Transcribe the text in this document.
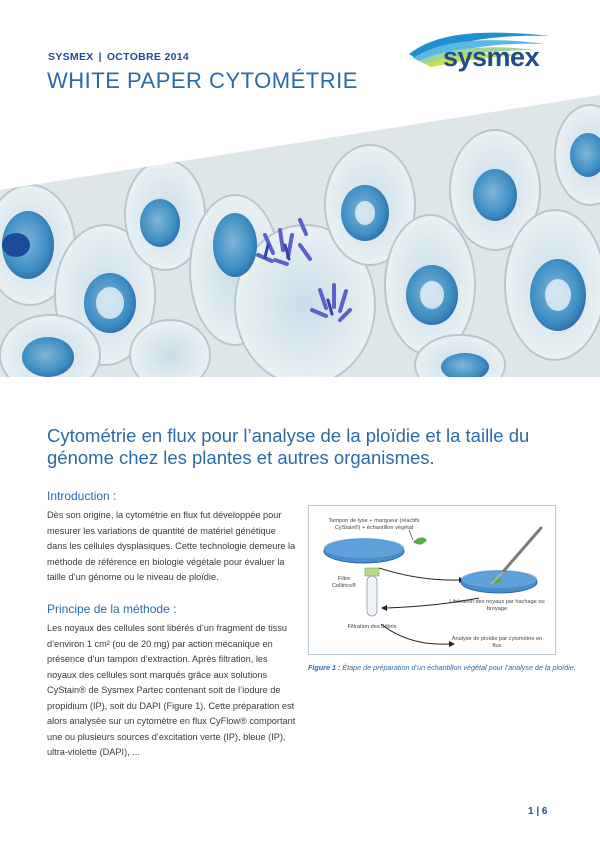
SYSMEX | OCTOBRE 2014
WHITE PAPER CYTOMÉTRIE
sysmex
Cytométrie en flux pour l’analyse de la ploïdie et la taille du génome chez les plantes et autres organismes.
Introduction :

Dès son origine, la cytométrie en flux fut développée pour mesurer les variations de quantité de matériel génétique dans les cellules dysplasiques. Cette technologie demeure la méthode de référence en biologie végétale pour évaluer la taille d’un génome ou le niveau de ploïdie.

Principe de la méthode :

Les noyaux des cellules sont libérés d’un fragment de tissu d’environ 1 cm² (ou de 20 mg) par action mécanique en présence d’un tampon d’extraction. Après filtration, les noyaux des cellules sont marqués grâce aux solutions CyStain® de Sysmex Partec contenant soit de l’iodure de propidium (IP), soit du DAPI (Figure 1). Cette préparation est alors analysée sur un cytomètre en flux CyFlow® comportant une ou plusieurs sources d’excitation verte (IP), bleue (IP), ultra-violette (DAPI), ...

Tampon de lyse + marqueur (réactifs CyStain®) + échantillon végétal
Filtre Celltrics®
Libération des noyaux par hachage ou broyage
Filtration des débris
Analyse de ploïdie par cytométrie en flux
Figure 1 : Étape de préparation d’un échantillon végétal pour l’analyse de la ploïdie.
1 | 6
